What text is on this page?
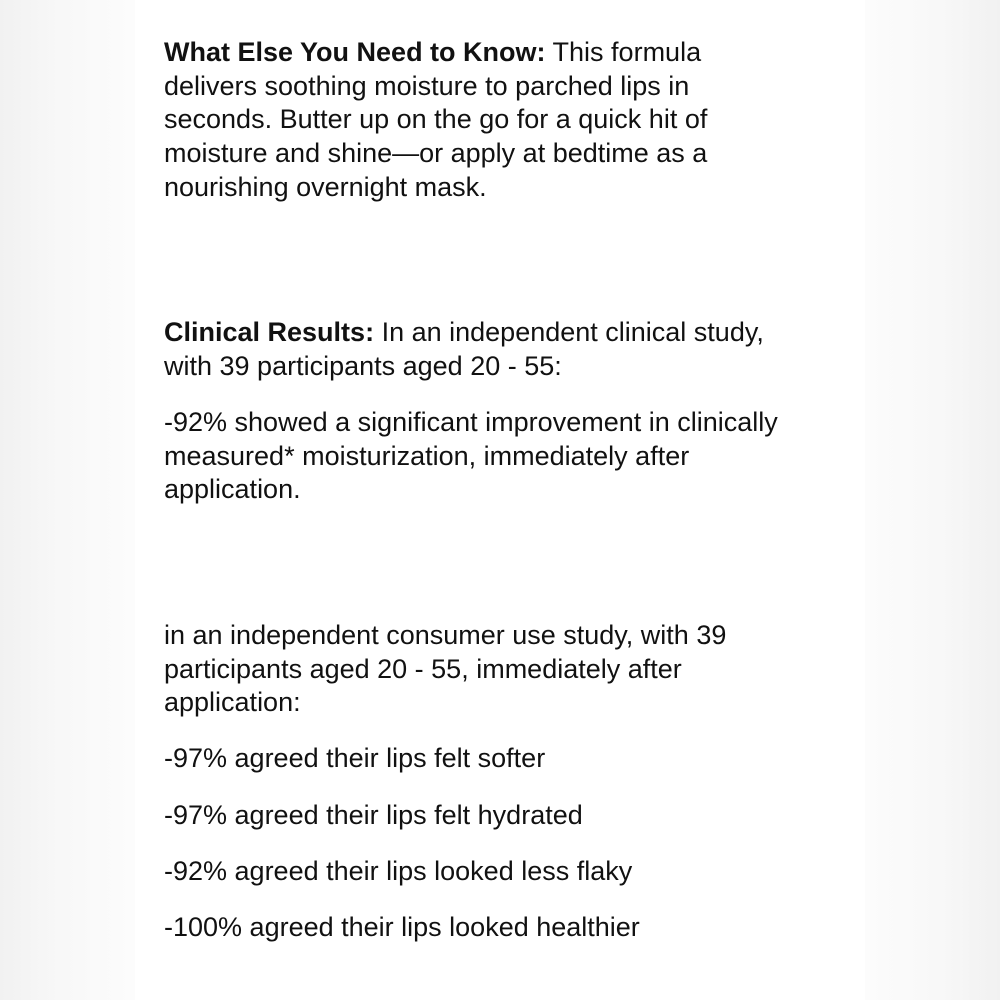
What Else You Need to Know: This formula
delivers soothing moisture to parched lips in
seconds. Butter up on the go for a quick hit of
moisture and shine—or apply at bedtime as a
nourishing overnight mask.

Clinical Results: In an independent clinical study,
with 39 participants aged 20 - 55:

-92% showed a significant improvement in clinically
measured* moisturization, immediately after
application.

in an independent consumer use study, with 39
participants aged 20 - 55, immediately after
application:

-97% agreed their lips felt softer

-97% agreed their lips felt hydrated

-92% agreed their lips looked less flaky

-100% agreed their lips looked healthier
